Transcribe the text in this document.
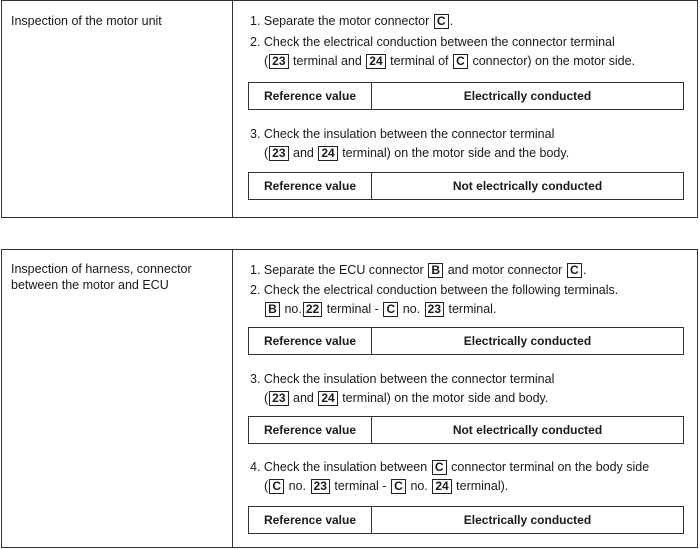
Inspection of the motor unit	1. Separate the motor connector C .
2. Check the electrical conduction between the connector terminal
( 23 terminal and 24 terminal of C connector) on the motor side.
Reference value	Electrically conducted
3. Check the insulation between the connector terminal
( 23 and 24 terminal) on the motor side and the body.
Reference value	Not electrically conducted
Inspection of harness, connector
between the motor and ECU
1. Separate the ECU connector B and motor connector C .
2. Check the electrical conduction between the following terminals.
B no. 22 terminal - C no. 23 terminal.
Reference value	Electrically conducted
3. Check the insulation between the connector terminal
( 23 and 24 terminal) on the motor side and body.
Reference value	Not electrically conducted
4. Check the insulation between C connector terminal on the body side
( C no. 23 terminal - C no. 24 terminal).
Reference value	Electrically conducted
